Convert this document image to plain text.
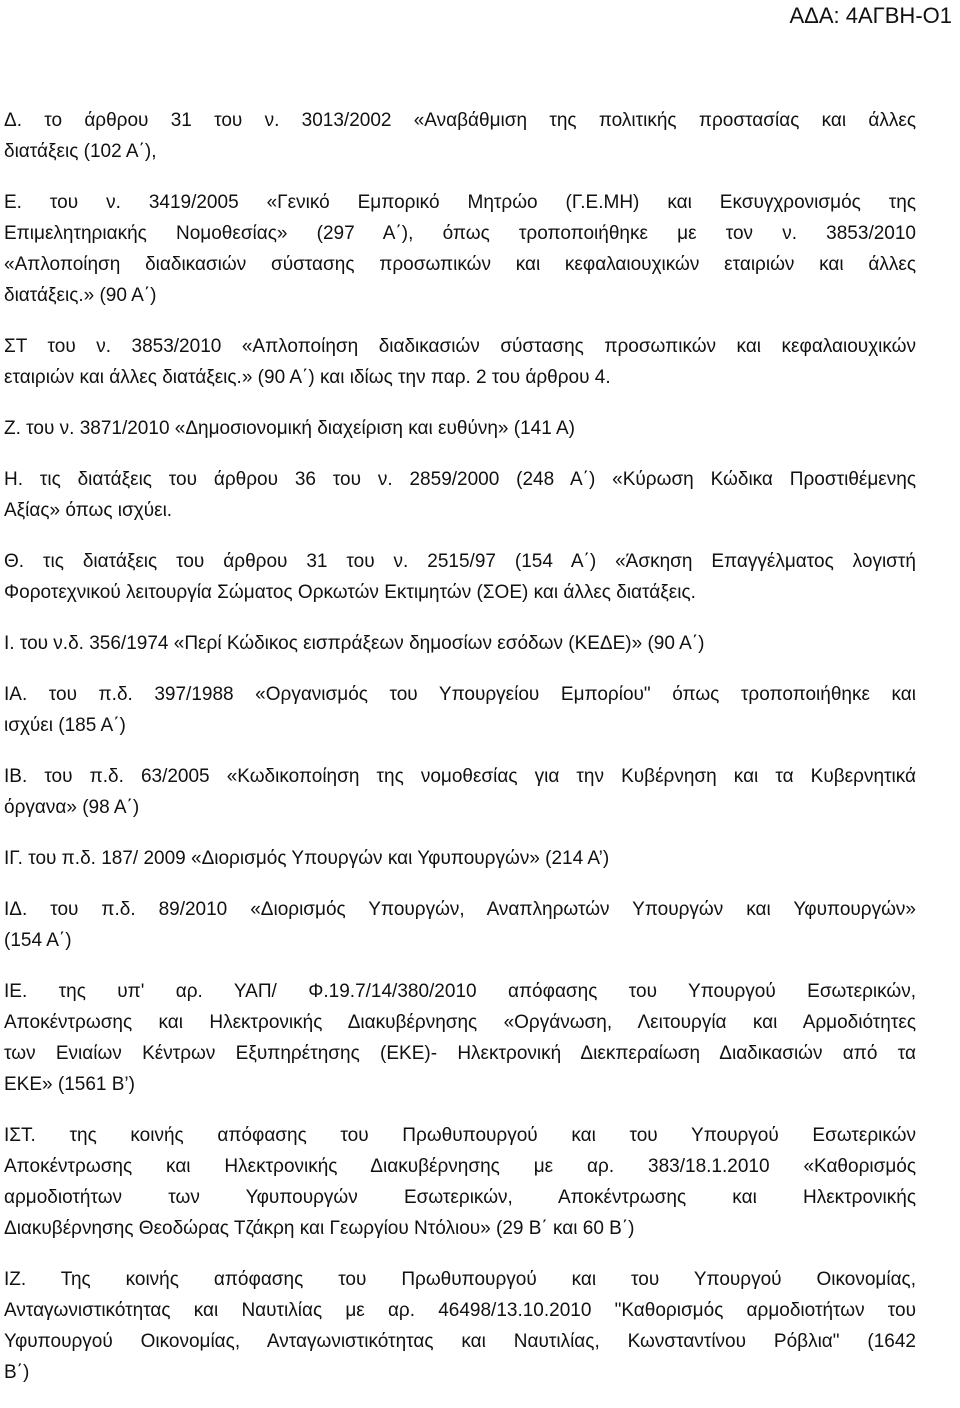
ΑΔΑ: 4ΑΓΒΗ-Ο1
Δ. το άρθρου 31 του ν. 3013/2002 «Αναβάθμιση της πολιτικής προστασίας και άλλες
διατάξεις (102 Α΄),
Ε. του ν. 3419/2005 «Γενικό Εμπορικό Μητρώο (Γ.Ε.ΜΗ) και Εκσυγχρονισμός της
Επιμελητηριακής Νομοθεσίας» (297 Α΄), όπως τροποποιήθηκε με τον ν. 3853/2010
«Απλοποίηση διαδικασιών σύστασης προσωπικών και κεφαλαιουχικών εταιριών και άλλες
διατάξεις.» (90 Α΄)
ΣΤ του ν. 3853/2010 «Απλοποίηση διαδικασιών σύστασης προσωπικών και κεφαλαιουχικών
εταιριών και άλλες διατάξεις.» (90 Α΄) και ιδίως την παρ. 2 του άρθρου 4.
Ζ. του ν. 3871/2010 «Δημοσιονομική διαχείριση και ευθύνη» (141 Α)
Η. τις διατάξεις του άρθρου 36 του ν. 2859/2000 (248 Α΄) «Κύρωση Κώδικα Προστιθέμενης
Αξίας» όπως ισχύει.
Θ. τις διατάξεις του άρθρου 31 του ν. 2515/97 (154 Α΄) «Άσκηση Επαγγέλματος λογιστή
Φοροτεχνικού λειτουργία Σώματος Ορκωτών Εκτιμητών (ΣΟΕ) και άλλες διατάξεις.
Ι. του ν.δ. 356/1974 «Περί Κώδικος εισπράξεων δημοσίων εσόδων (ΚΕΔΕ)» (90 Α΄)
ΙΑ. του π.δ. 397/1988 «Οργανισμός του Υπουργείου Εμπορίου" όπως τροποποιήθηκε και
ισχύει (185 Α΄)
ΙΒ. του π.δ. 63/2005 «Κωδικοποίηση της νομοθεσίας για την Κυβέρνηση και τα Κυβερνητικά
όργανα» (98 Α΄)
ΙΓ. του π.δ. 187/ 2009 «Διορισμός Υπουργών και Υφυπουργών» (214 Α’)
ΙΔ. του π.δ. 89/2010 «Διορισμός Υπουργών, Αναπληρωτών Υπουργών και Υφυπουργών»
(154 Α΄)
ΙΕ. της υπ' αρ. ΥΑΠ/ Φ.19.7/14/380/2010 απόφασης του Υπουργού Εσωτερικών,
Αποκέντρωσης και Ηλεκτρονικής Διακυβέρνησης «Οργάνωση, Λειτουργία και Αρμοδιότητες
των Ενιαίων Κέντρων Εξυπηρέτησης (ΕΚΕ)- Ηλεκτρονική Διεκπεραίωση Διαδικασιών από τα
ΕΚΕ» (1561 Β’)
ΙΣΤ. της κοινής απόφασης του Πρωθυπουργού και του Υπουργού Εσωτερικών
Αποκέντρωσης και Ηλεκτρονικής Διακυβέρνησης με αρ. 383/18.1.2010 «Καθορισμός
αρμοδιοτήτων των Υφυπουργών Εσωτερικών, Αποκέντρωσης και Ηλεκτρονικής
Διακυβέρνησης Θεοδώρας Τζάκρη και Γεωργίου Ντόλιου» (29 Β΄ και 60 Β΄)
ΙΖ. Της κοινής απόφασης του Πρωθυπουργού και του Υπουργού Οικονομίας,
Ανταγωνιστικότητας και Ναυτιλίας με αρ. 46498/13.10.2010 "Καθορισμός αρμοδιοτήτων του
Υφυπουργού Οικονομίας, Ανταγωνιστικότητας και Ναυτιλίας, Κωνσταντίνου Ρόβλια" (1642
Β΄)
